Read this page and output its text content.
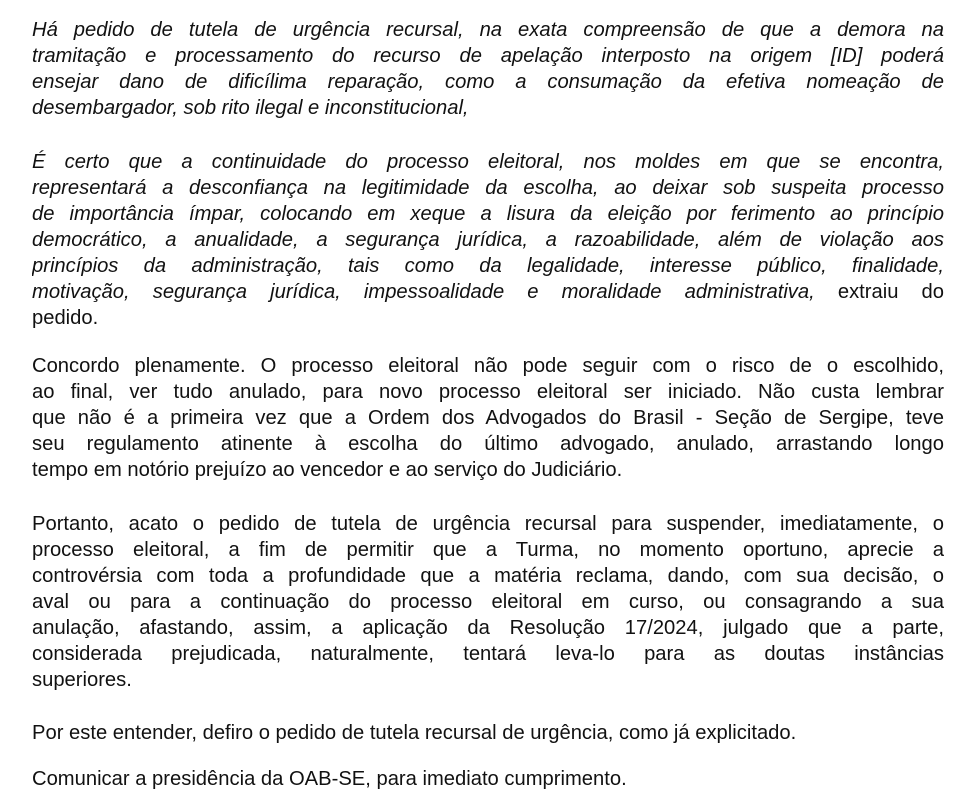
Há pedido de tutela de urgência recursal, na exata compreensão de que a demora na
tramitação e processamento do recurso de apelação interposto na origem [ID] poderá
ensejar dano de dificílima reparação, como a consumação da efetiva nomeação de
desembargador, sob rito ilegal e inconstitucional,

É certo que a continuidade do processo eleitoral, nos moldes em que se encontra,
representará a desconfiança na legitimidade da escolha, ao deixar sob suspeita processo
de importância ímpar, colocando em xeque a lisura da eleição por ferimento ao princípio
democrático, a anualidade, a segurança jurídica, a razoabilidade, além de violação aos
princípios da administração, tais como da legalidade, interesse público, finalidade,
motivação, segurança jurídica, impessoalidade e moralidade administrativa, extraiu do
pedido.

Concordo plenamente. O processo eleitoral não pode seguir com o risco de o escolhido,
ao final, ver tudo anulado, para novo processo eleitoral ser iniciado. Não custa lembrar
que não é a primeira vez que a Ordem dos Advogados do Brasil - Seção de Sergipe, teve
seu regulamento atinente à escolha do último advogado, anulado, arrastando longo
tempo em notório prejuízo ao vencedor e ao serviço do Judiciário.

Portanto, acato o pedido de tutela de urgência recursal para suspender, imediatamente, o
processo eleitoral, a fim de permitir que a Turma, no momento oportuno, aprecie a
controvérsia com toda a profundidade que a matéria reclama, dando, com sua decisão, o
aval ou para a continuação do processo eleitoral em curso, ou consagrando a sua
anulação, afastando, assim, a aplicação da Resolução 17/2024, julgado que a parte,
considerada prejudicada, naturalmente, tentará leva-lo para as doutas instâncias
superiores.

Por este entender, defiro o pedido de tutela recursal de urgência, como já explicitado.

Comunicar a presidência da OAB-SE, para imediato cumprimento.
